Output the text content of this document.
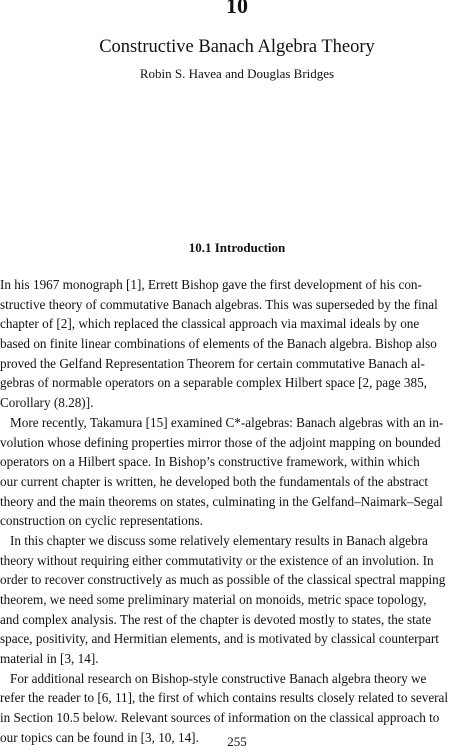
10
Constructive Banach Algebra Theory
Robin S. Havea and Douglas Bridges
10.1 Introduction
In his 1967 monograph [1], Errett Bishop gave the first development of his con-
structive theory of commutative Banach algebras. This was superseded by the final
chapter of [2], which replaced the classical approach via maximal ideals by one
based on finite linear combinations of elements of the Banach algebra. Bishop also
proved the Gelfand Representation Theorem for certain commutative Banach al-
gebras of normable operators on a separable complex Hilbert space [2, page 385,
Corollary (8.28)].
More recently, Takamura [15] examined C*-algebras: Banach algebras with an in-
volution whose defining properties mirror those of the adjoint mapping on bounded
operators on a Hilbert space. In Bishop’s constructive framework, within which
our current chapter is written, he developed both the fundamentals of the abstract
theory and the main theorems on states, culminating in the Gelfand–Naimark–Segal
construction on cyclic representations.
In this chapter we discuss some relatively elementary results in Banach algebra
theory without requiring either commutativity or the existence of an involution. In
order to recover constructively as much as possible of the classical spectral mapping
theorem, we need some preliminary material on monoids, metric space topology,
and complex analysis. The rest of the chapter is devoted mostly to states, the state
space, positivity, and Hermitian elements, and is motivated by classical counterpart
material in [3, 14].
For additional research on Bishop-style constructive Banach algebra theory we
refer the reader to [6, 11], the first of which contains results closely related to several
in Section 10.5 below. Relevant sources of information on the classical approach to
our topics can be found in [3, 10, 14].	255
